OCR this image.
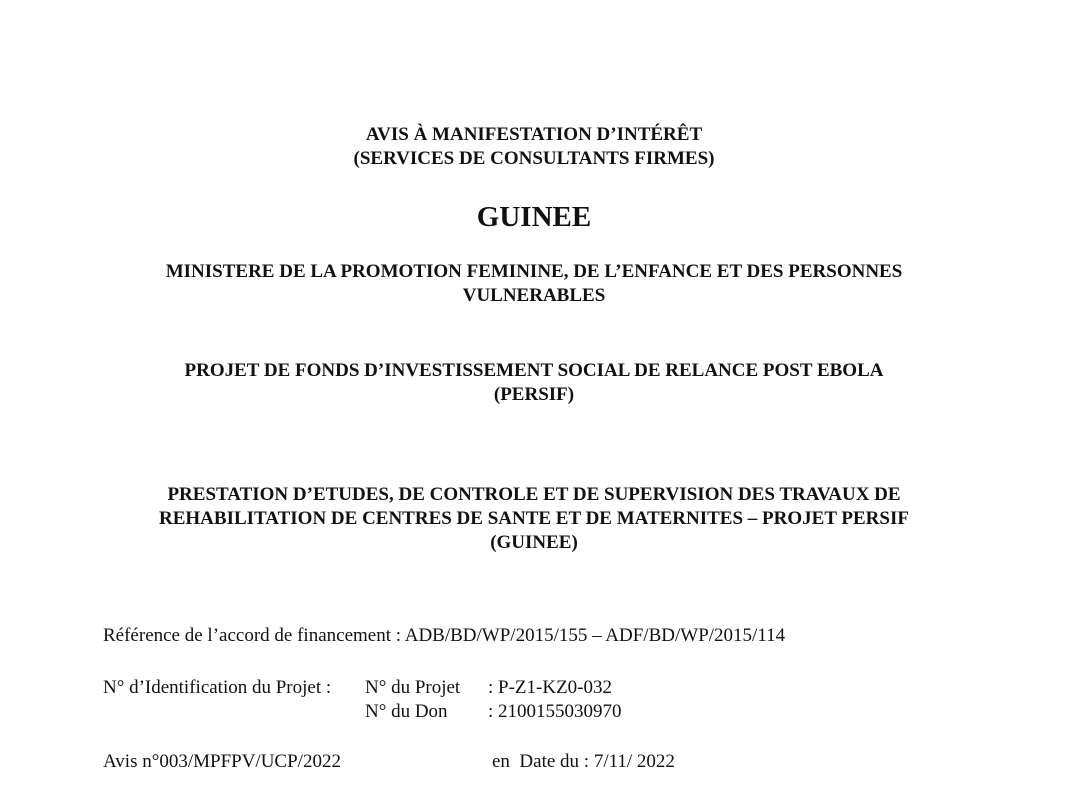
AVIS À MANIFESTATION D’INTÉRÊT
(SERVICES DE CONSULTANTS FIRMES)
GUINEE
MINISTERE DE LA PROMOTION FEMININE, DE L’ENFANCE ET DES PERSONNES
VULNERABLES
PROJET DE FONDS D’INVESTISSEMENT SOCIAL DE RELANCE POST EBOLA
(PERSIF)
PRESTATION D’ETUDES, DE CONTROLE ET DE SUPERVISION DES TRAVAUX DE
REHABILITATION DE CENTRES DE SANTE ET DE MATERNITES – PROJET PERSIF
(GUINEE)
Référence de l’accord de financement : ADB/BD/WP/2015/155 – ADF/BD/WP/2015/114
N° d’Identification du Projet : N° du Projet : P-Z1-KZ0-032
N° du Don : 2100155030970
Avis n°003/MPFPV/UCP/2022	en  Date du : 7/11/ 2022
